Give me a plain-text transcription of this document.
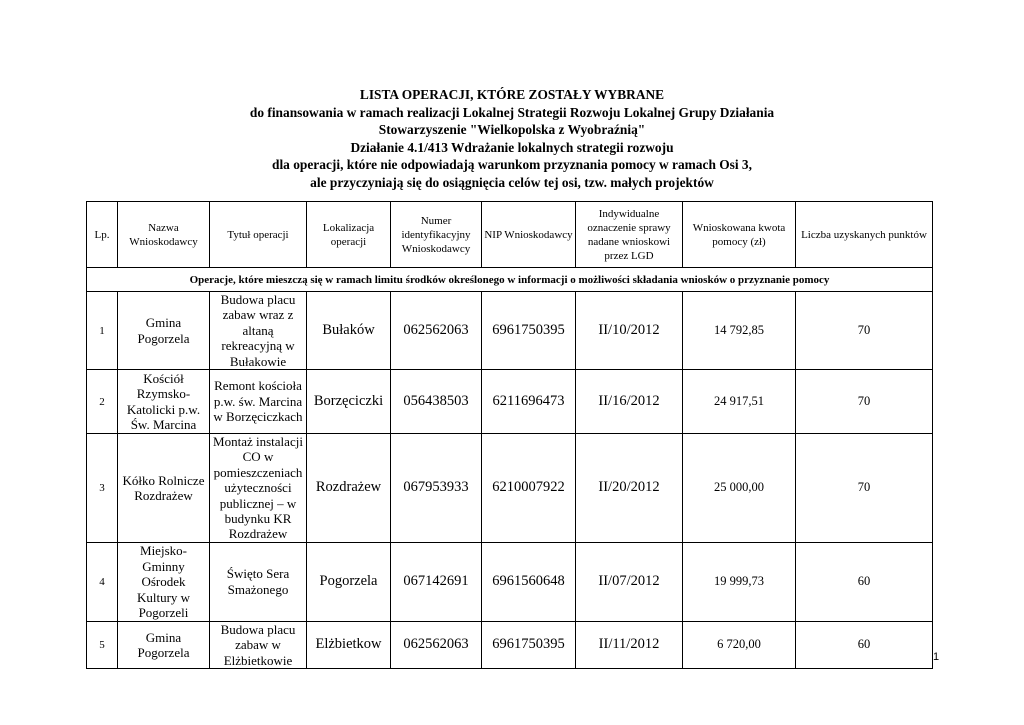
LISTA OPERACJI, KTÓRE ZOSTAŁY WYBRANE
do finansowania w ramach realizacji Lokalnej Strategii Rozwoju Lokalnej Grupy Działania
Stowarzyszenie "Wielkopolska z Wyobraźnią"
Działanie 4.1/413 Wdrażanie lokalnych strategii rozwoju
dla operacji, które nie odpowiadają warunkom przyznania pomocy w ramach Osi 3,
ale przyczyniają się do osiągnięcia celów tej osi, tzw. małych projektów
Lp.	Nazwa Wnioskodawcy	Tytuł operacji	Lokalizacja operacji	Numer identyfikacyjny Wnioskodawcy	NIP Wnioskodawcy	Indywidualne oznaczenie sprawy nadane wnioskowi przez LGD	Wnioskowana kwota pomocy (zł)	Liczba uzyskanych punktów
Operacje, które mieszczą się w ramach limitu środków określonego w informacji o możliwości składania wniosków o przyznanie pomocy								
1	Gmina Pogorzela	Budowa placu zabaw wraz z altaną rekreacyjną w Bułakowie	Bułaków	062562063	6961750395	II/10/2012	14 792,85	70
2	Kościół Rzymsko-Katolicki p.w. Św. Marcina	Remont kościoła p.w. św. Marcina w Borzęciczkach	Borzęciczki	056438503	6211696473	II/16/2012	24 917,51	70
3	Kółko Rolnicze Rozdrażew	Montaż instalacji CO w pomieszczeniach użyteczności publicznej – w budynku KR Rozdrażew	Rozdrażew	067953933	6210007922	II/20/2012	25 000,00	70
4	Miejsko-Gminny Ośrodek Kultury w Pogorzeli	Święto Sera Smażonego	Pogorzela	067142691	6961560648	II/07/2012	19 999,73	60
5	Gmina Pogorzela	Budowa placu zabaw w Elżbietkowie	Elżbietkow	062562063	6961750395	II/11/2012	6 720,00	60
1
